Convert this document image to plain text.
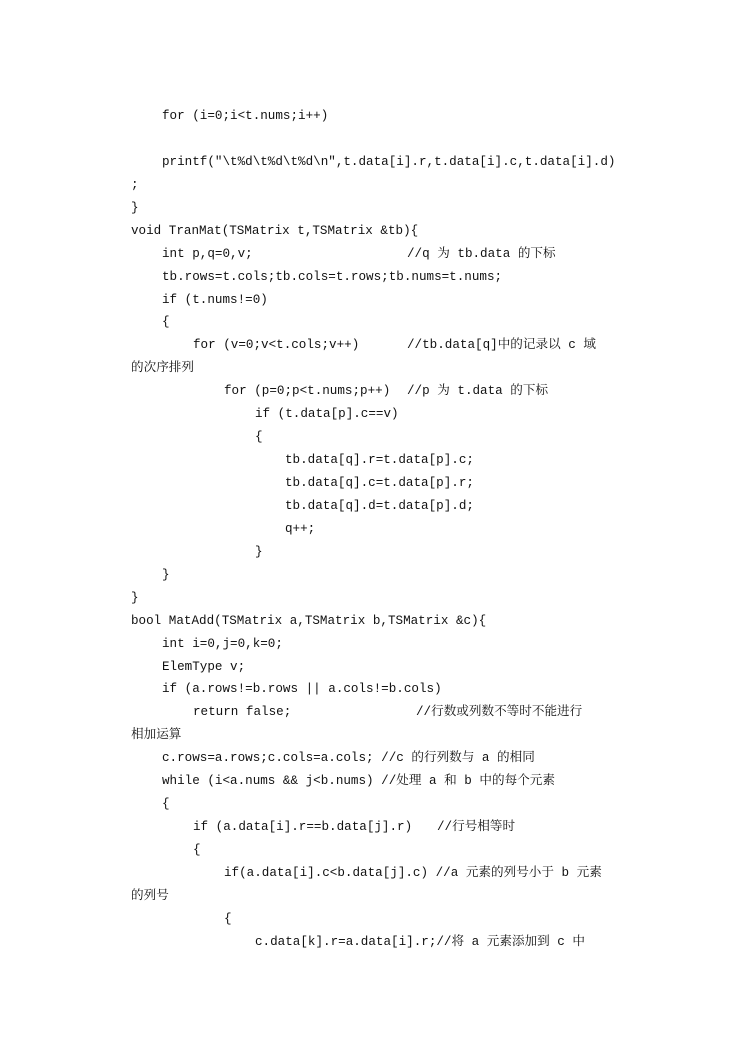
for (i=0;i<t.nums;i++)
printf("\t%d\t%d\t%d\n",t.data[i].r,t.data[i].c,t.data[i].d)
;
}
void TranMat(TSMatrix t,TSMatrix &tb){
int p,q=0,v;	//q 为 tb.data 的下标
tb.rows=t.cols;tb.cols=t.rows;tb.nums=t.nums;
if (t.nums!=0)
{
for (v=0;v<t.cols;v++)	//tb.data[q]中的记录以 c 域
的次序排列
for (p=0;p<t.nums;p++) //p 为 t.data 的下标
if (t.data[p].c==v)
{
tb.data[q].r=t.data[p].c;
tb.data[q].c=t.data[p].r;
tb.data[q].d=t.data[p].d;
q++;
}
}
}
bool MatAdd(TSMatrix a,TSMatrix b,TSMatrix &c){
int i=0,j=0,k=0;
ElemType v;
if (a.rows!=b.rows || a.cols!=b.cols)
return false;	//行数或列数不等时不能进行
相加运算
c.rows=a.rows;c.cols=a.cols; //c 的行列数与 a 的相同
while (i<a.nums && j<b.nums) //处理 a 和 b 中的每个元素
{
if (a.data[i].r==b.data[j].r) //行号相等时
{
if(a.data[i].c<b.data[j].c) //a 元素的列号小于 b 元素
的列号
{
c.data[k].r=a.data[i].r;//将 a 元素添加到 c 中
